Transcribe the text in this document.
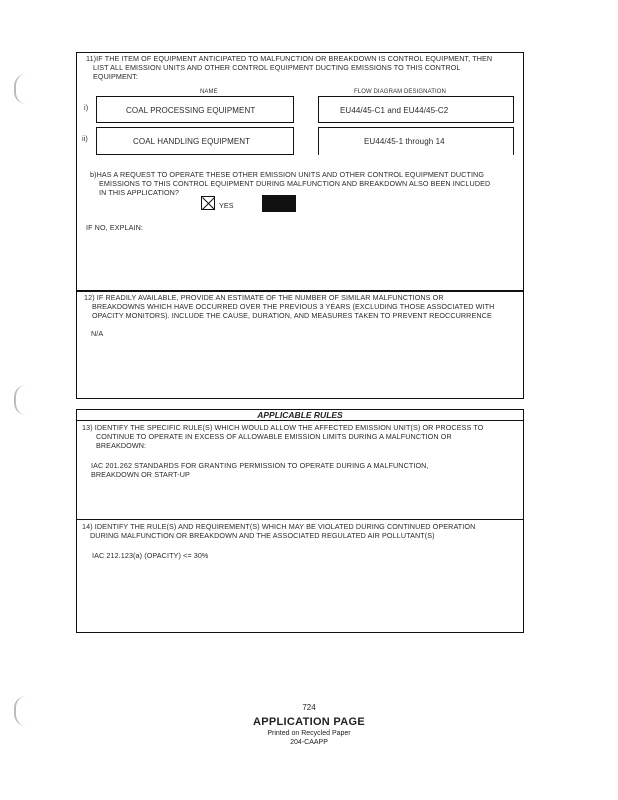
11)IF THE ITEM OF EQUIPMENT ANTICIPATED TO MALFUNCTION OR BREAKDOWN IS CONTROL EQUIPMENT, THEN
LIST ALL EMISSION UNITS AND OTHER CONTROL EQUIPMENT DUCTING EMISSIONS TO THIS CONTROL
EQUIPMENT:
NAME	FLOW DIAGRAM DESIGNATION
i)	COAL PROCESSING EQUIPMENT	EU44/45-C1 and EU44/45-C2
ii)	COAL HANDLING EQUIPMENT	EU44/45-1 through 14
b)HAS A REQUEST TO OPERATE THESE OTHER EMISSION UNITS AND OTHER CONTROL EQUIPMENT DUCTING
EMISSIONS TO THIS CONTROL EQUIPMENT DURING MALFUNCTION AND BREAKDOWN ALSO BEEN INCLUDED
IN THIS APPLICATION?
YES
IF NO, EXPLAIN:
12) IF READILY AVAILABLE, PROVIDE AN ESTIMATE OF THE NUMBER OF SIMILAR MALFUNCTIONS OR
BREAKDOWNS WHICH HAVE OCCURRED OVER THE PREVIOUS 3 YEARS (EXCLUDING THOSE ASSOCIATED WITH
OPACITY MONITORS). INCLUDE THE CAUSE, DURATION, AND MEASURES TAKEN TO PREVENT REOCCURRENCE
N/A
APPLICABLE RULES
13) IDENTIFY THE SPECIFIC RULE(S) WHICH WOULD ALLOW THE AFFECTED EMISSION UNIT(S) OR PROCESS TO
CONTINUE TO OPERATE IN EXCESS OF ALLOWABLE EMISSION LIMITS DURING A MALFUNCTION OR
BREAKDOWN:
IAC 201.262 STANDARDS FOR GRANTING PERMISSION TO OPERATE DURING A MALFUNCTION,
BREAKDOWN OR START-UP
14) IDENTIFY THE RULE(S) AND REQUIREMENT(S) WHICH MAY BE VIOLATED DURING CONTINUED OPERATION
DURING MALFUNCTION OR BREAKDOWN AND THE ASSOCIATED REGULATED AIR POLLUTANT(S)
IAC 212.123(a) (OPACITY) <= 30%
724
APPLICATION PAGE
Printed on Recycled Paper
204-CAAPP
